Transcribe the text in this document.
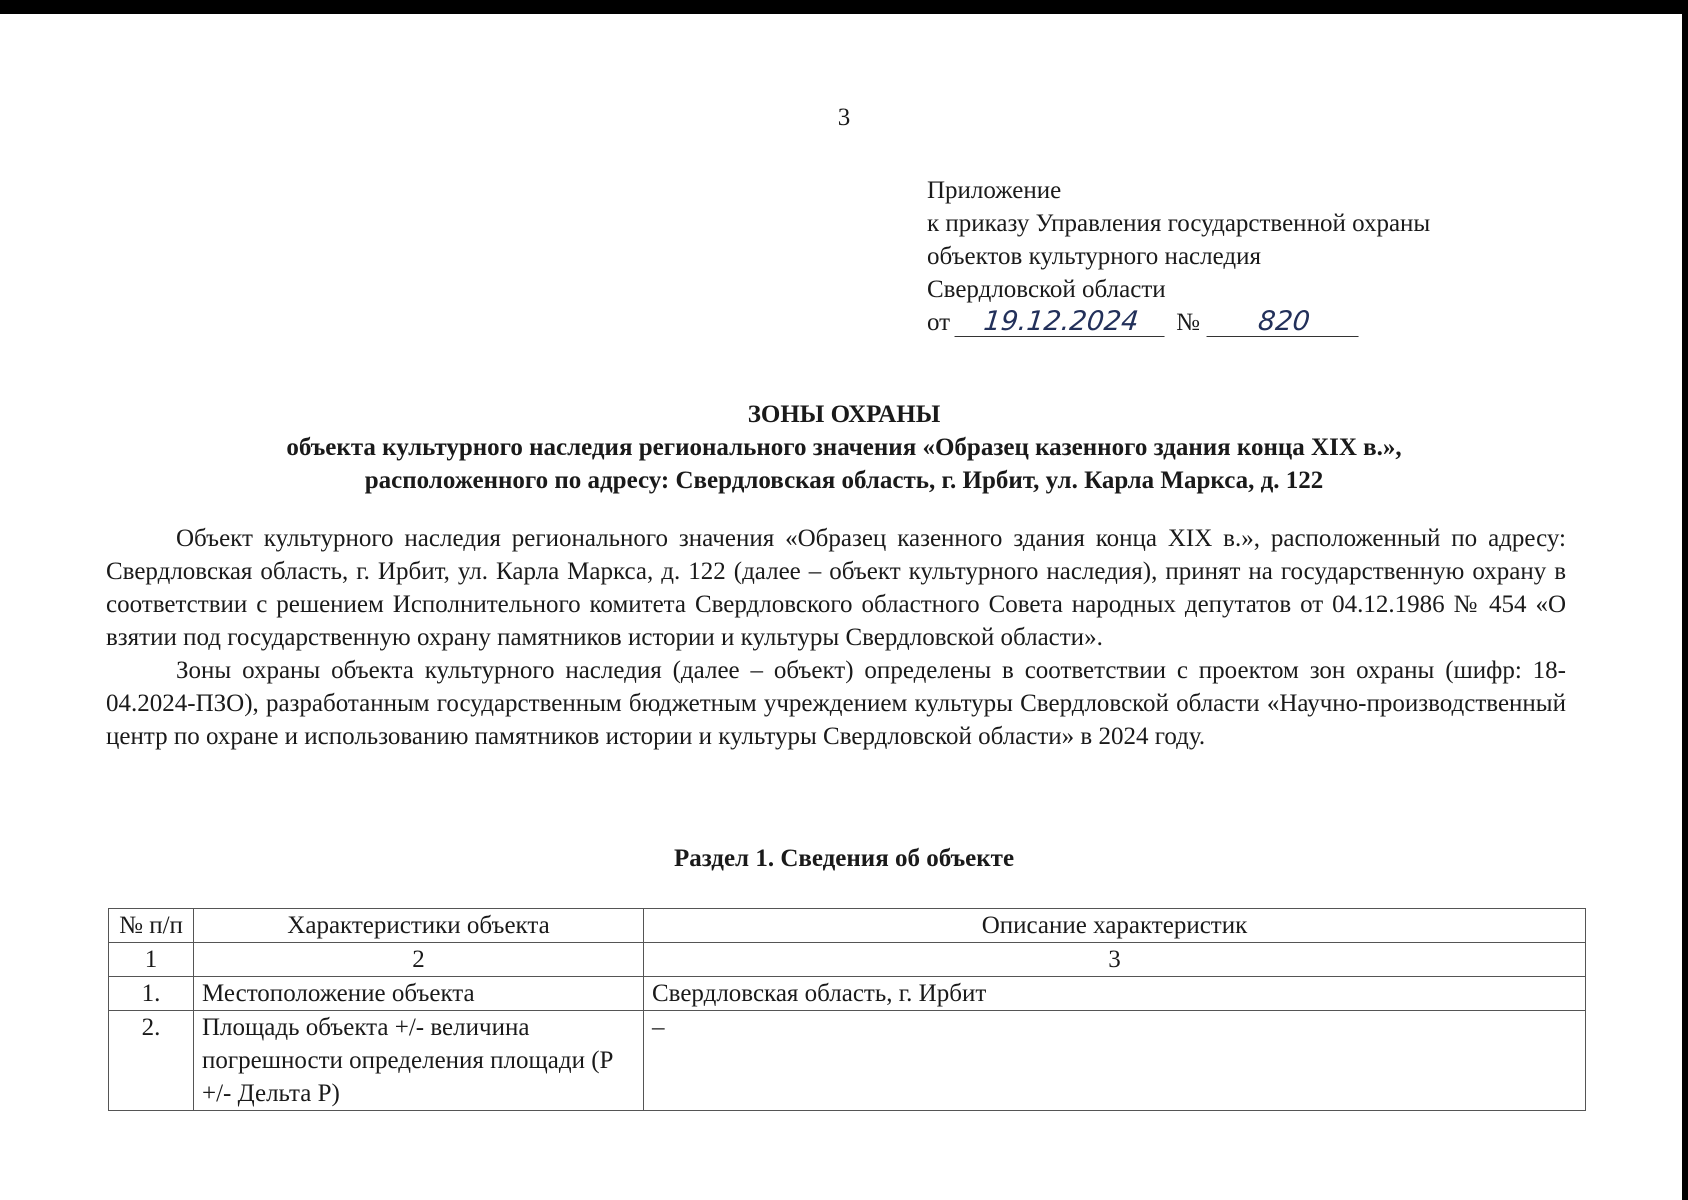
3
Приложение
к приказу Управления государственной охраны
объектов культурного наследия
Свердловской области
от 19.12.2024 № 820
ЗОНЫ ОХРАНЫ
объекта культурного наследия регионального значения «Образец казенного здания конца XIX в.»,
расположенного по адресу: Свердловская область, г. Ирбит, ул. Карла Маркса, д. 122

Объект культурного наследия регионального значения «Образец казенного здания конца XIX в.», расположенный по адресу: Свердловская область, г. Ирбит, ул. Карла Маркса, д. 122 (далее – объект культурного наследия), принят на государственную охрану в соответствии с решением Исполнительного комитета Свердловского областного Совета народных депутатов от 04.12.1986 № 454 «О взятии под государственную охрану памятников истории и культуры Свердловской области».

Зоны охраны объекта культурного наследия (далее – объект) определены в соответствии с проектом зон охраны (шифр: 18-04.2024-ПЗО), разработанным государственным бюджетным учреждением культуры Свердловской области «Научно-производственный центр по охране и использованию памятников истории и культуры Свердловской области» в 2024 году.

Раздел 1. Сведения об объекте
№ п/п	Характеристики объекта	Описание характеристик
1	2	3
1.	Местоположение объекта	Свердловская область, г. Ирбит
2.	Площадь объекта +/- величина погрешности определения площади (Р +/- Дельта Р)	–
